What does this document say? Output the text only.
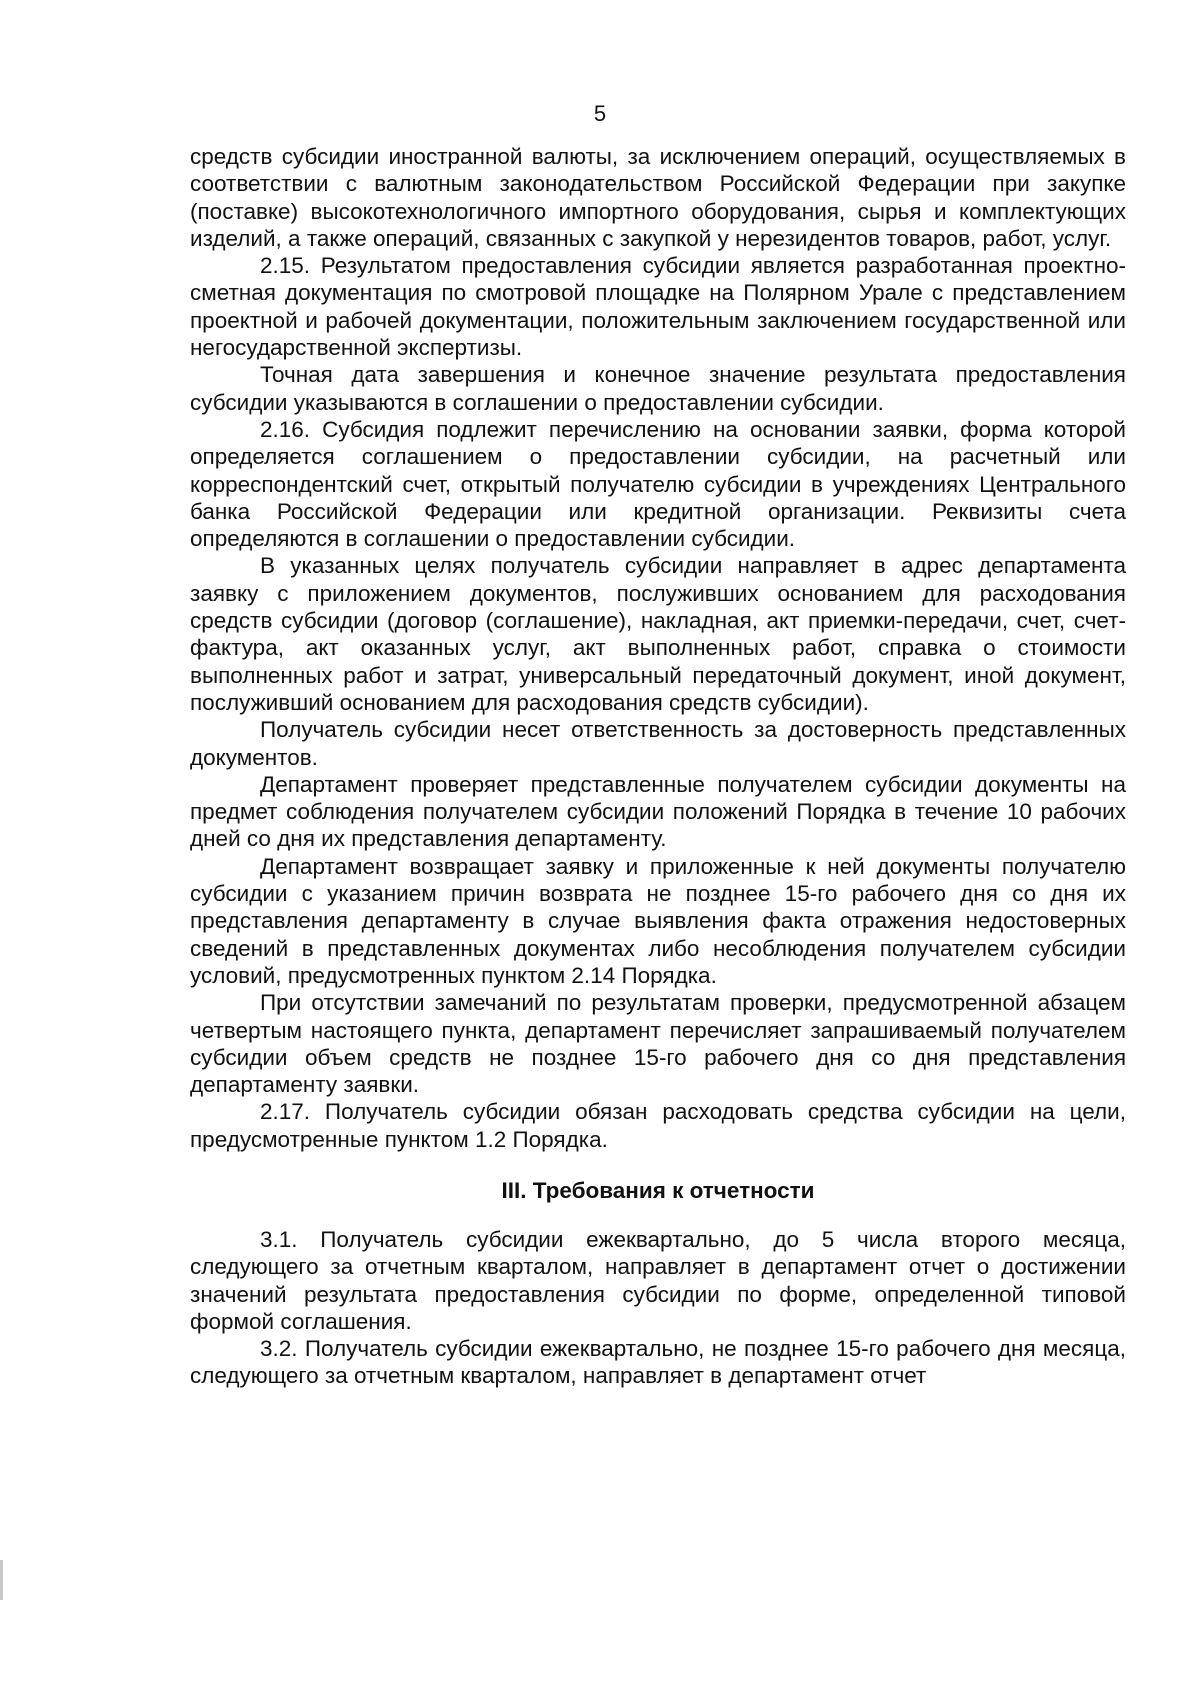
5

средств субсидии иностранной валюты, за исключением операций, осуществляемых в соответствии с валютным законодательством Российской Федерации при закупке (поставке) высокотехнологичного импортного оборудования, сырья и комплектующих изделий, а также операций, связанных с закупкой у нерезидентов товаров, работ, услуг.

2.15. Результатом предоставления субсидии является разработанная проектно-сметная документация по смотровой площадке на Полярном Урале с представлением проектной и рабочей документации, положительным заключением государственной или негосударственной экспертизы.

Точная дата завершения и конечное значение результата предоставления субсидии указываются в соглашении о предоставлении субсидии.

2.16. Субсидия подлежит перечислению на основании заявки, форма которой определяется соглашением о предоставлении субсидии, на расчетный или корреспондентский счет, открытый получателю субсидии в учреждениях Центрального банка Российской Федерации или кредитной организации. Реквизиты счета определяются в соглашении о предоставлении субсидии.

В указанных целях получатель субсидии направляет в адрес департамента заявку с приложением документов, послуживших основанием для расходования средств субсидии (договор (соглашение), накладная, акт приемки-передачи, счет, счет-фактура, акт оказанных услуг, акт выполненных работ, справка о стоимости выполненных работ и затрат, универсальный передаточный документ, иной документ, послуживший основанием для расходования средств субсидии).

Получатель субсидии несет ответственность за достоверность представленных документов.

Департамент проверяет представленные получателем субсидии документы на предмет соблюдения получателем субсидии положений Порядка в течение 10 рабочих дней со дня их представления департаменту.

Департамент возвращает заявку и приложенные к ней документы получателю субсидии с указанием причин возврата не позднее 15-го рабочего дня со дня их представления департаменту в случае выявления факта отражения недостоверных сведений в представленных документах либо несоблюдения получателем субсидии условий, предусмотренных пунктом 2.14 Порядка.

При отсутствии замечаний по результатам проверки, предусмотренной абзацем четвертым настоящего пункта, департамент перечисляет запрашиваемый получателем субсидии объем средств не позднее 15-го рабочего дня со дня представления департаменту заявки.

2.17. Получатель субсидии обязан расходовать средства субсидии на цели, предусмотренные пунктом 1.2 Порядка.

III. Требования к отчетности

3.1. Получатель субсидии ежеквартально, до 5 числа второго месяца, следующего за отчетным кварталом, направляет в департамент отчет о достижении значений результата предоставления субсидии по форме, определенной типовой формой соглашения.

3.2. Получатель субсидии ежеквартально, не позднее 15-го рабочего дня месяца, следующего за отчетным кварталом, направляет в департамент отчет
